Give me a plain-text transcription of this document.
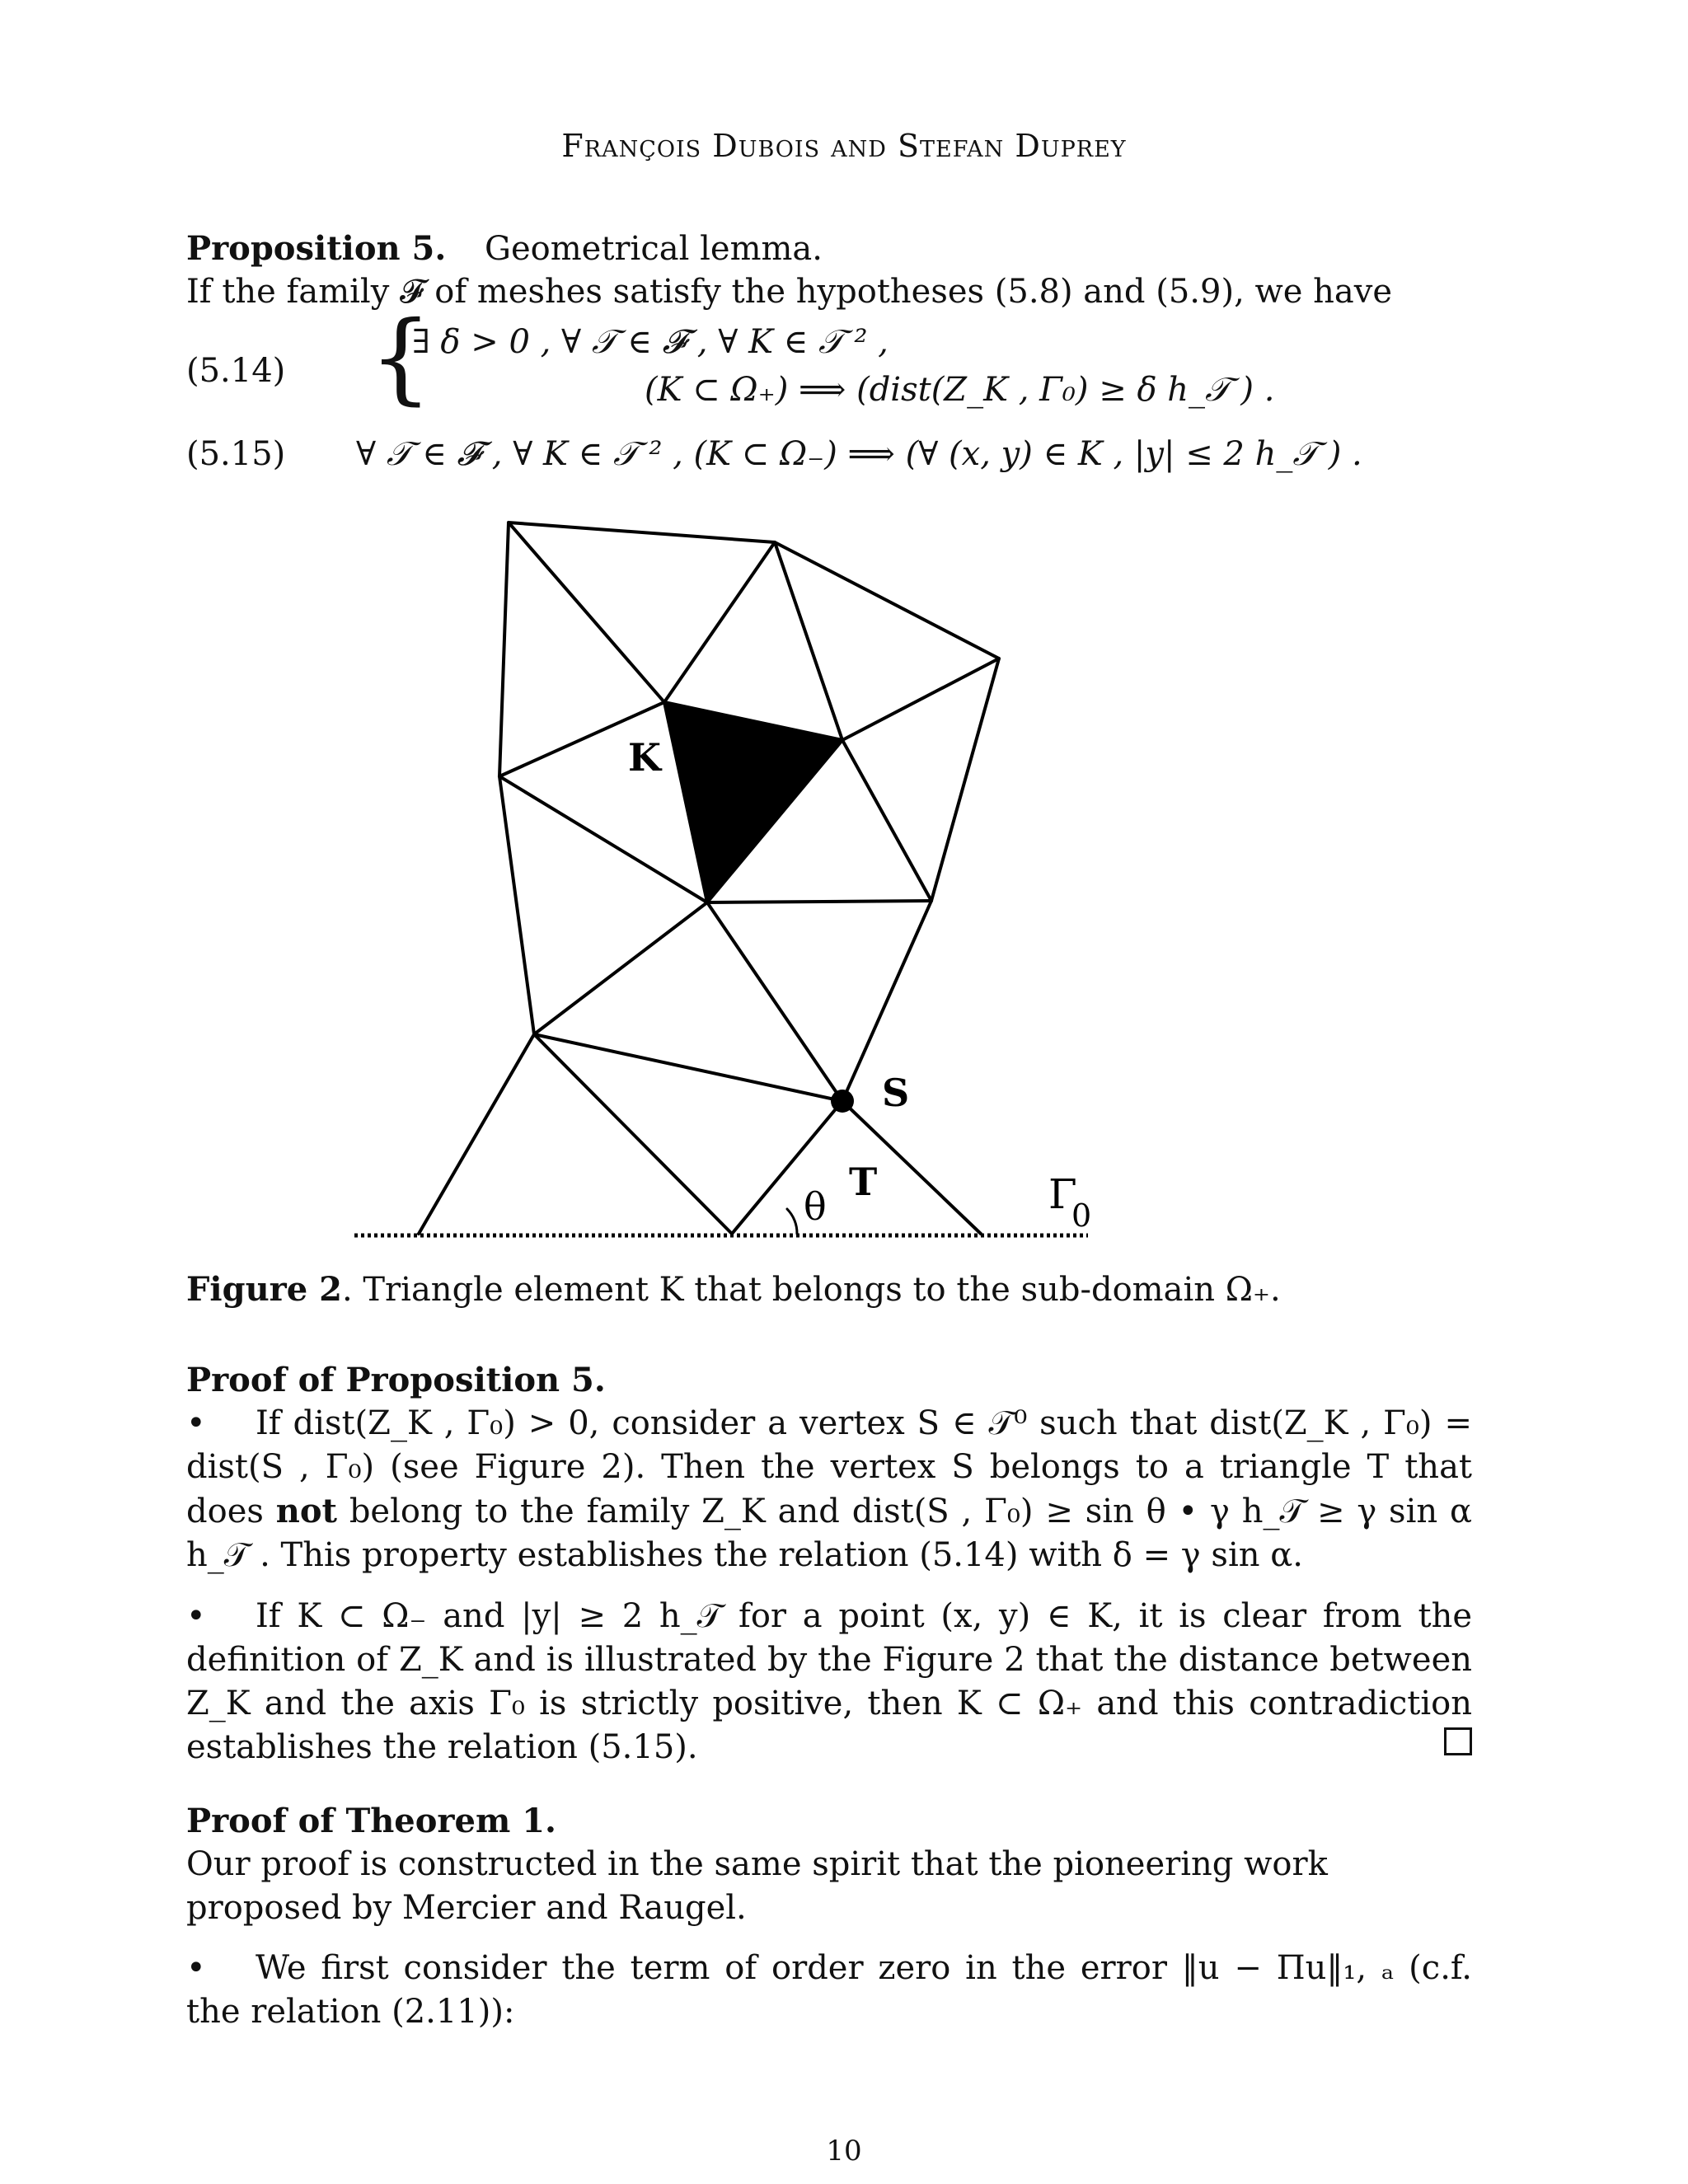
François Dubois and Stefan Duprey
Proposition 5. Geometrical lemma.
If the family 𝓕 of meshes satisfy the hypotheses (5.8) and (5.9), we have
(5.14) {
∃ δ > 0 , ∀ 𝒯 ∈ 𝓕 , ∀ K ∈ 𝒯 ² ,
(K ⊂ Ω₊) ⟹ (dist(Z_K , Γ₀) ≥ δ h_𝒯 ) .
(5.15) ∀ 𝒯 ∈ 𝓕 , ∀ K ∈ 𝒯 ² , (K ⊂ Ω₋) ⟹ (∀ (x, y) ∈ K , |y| ≤ 2 h_𝒯 ) .
K
S
T
θ	Γ
0
Figure 2. Triangle element K that belongs to the sub-domain Ω₊.
Proof of Proposition 5.
• If dist(Z_K , Γ₀) > 0, consider a vertex S ∈ 𝒯⁰ such that dist(Z_K , Γ₀) = dist(S , Γ₀) (see Figure 2). Then the vertex S belongs to a triangle T that does not belong to the family Z_K and dist(S , Γ₀) ≥ sin θ • γ h_𝒯 ≥ γ sin α h_𝒯 . This property establishes the relation (5.14) with δ = γ sin α.
• If K ⊂ Ω₋ and |y| ≥ 2 h_𝒯 for a point (x, y) ∈ K, it is clear from the definition of Z_K and is illustrated by the Figure 2 that the distance between Z_K and the axis Γ₀ is strictly positive, then K ⊂ Ω₊ and this contradiction establishes the relation (5.15).
Proof of Theorem 1.
Our proof is constructed in the same spirit that the pioneering work proposed by Mercier and Raugel.
• We first consider the term of order zero in the error ‖u − Πu‖₁, ₐ (c.f. the relation (2.11)):
10
